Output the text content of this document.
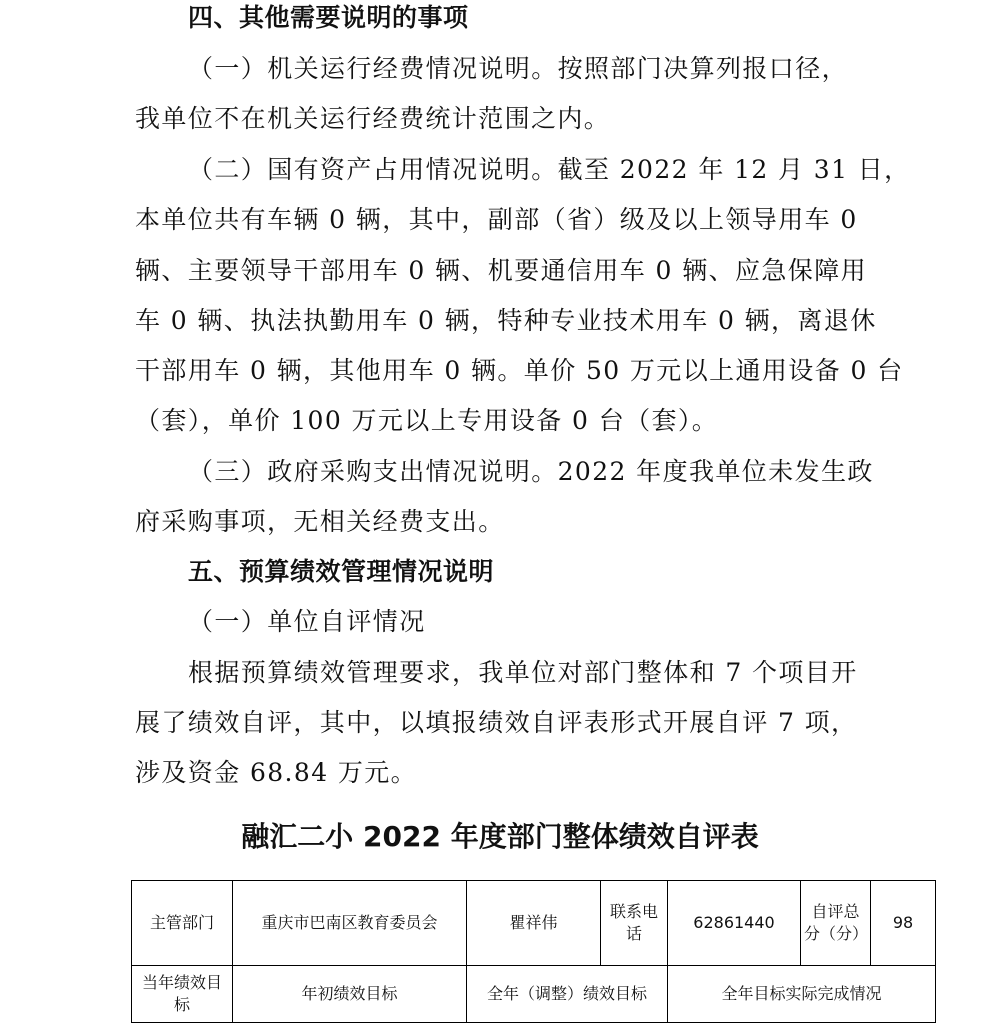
四、其他需要说明的事项
（一）机关运行经费情况说明。按照部门决算列报口径，
我单位不在机关运行经费统计范围之内。
（二）国有资产占用情况说明。截至 2022 年 12 月 31 日，
本单位共有车辆 0 辆，其中，副部（省）级及以上领导用车 0
辆、主要领导干部用车 0 辆、机要通信用车 0 辆、应急保障用
车 0 辆、执法执勤用车 0 辆，特种专业技术用车 0 辆，离退休
干部用车 0 辆，其他用车 0 辆。单价 50 万元以上通用设备 0 台
（套），单价 100 万元以上专用设备 0 台（套）。
（三）政府采购支出情况说明。2022 年度我单位未发生政
府采购事项，无相关经费支出。
五、预算绩效管理情况说明
（一）单位自评情况
根据预算绩效管理要求，我单位对部门整体和 7 个项目开
展了绩效自评，其中，以填报绩效自评表形式开展自评 7 项，
涉及资金 68.84 万元。
融汇二小 2022 年度部门整体绩效自评表
主管部门	重庆市巴南区教育委员会	瞿祥伟	联系电话	62861440	自评总分（分）	98
当年绩效目标	年初绩效目标	全年（调整）绩效目标		全年目标实际完成情况		
